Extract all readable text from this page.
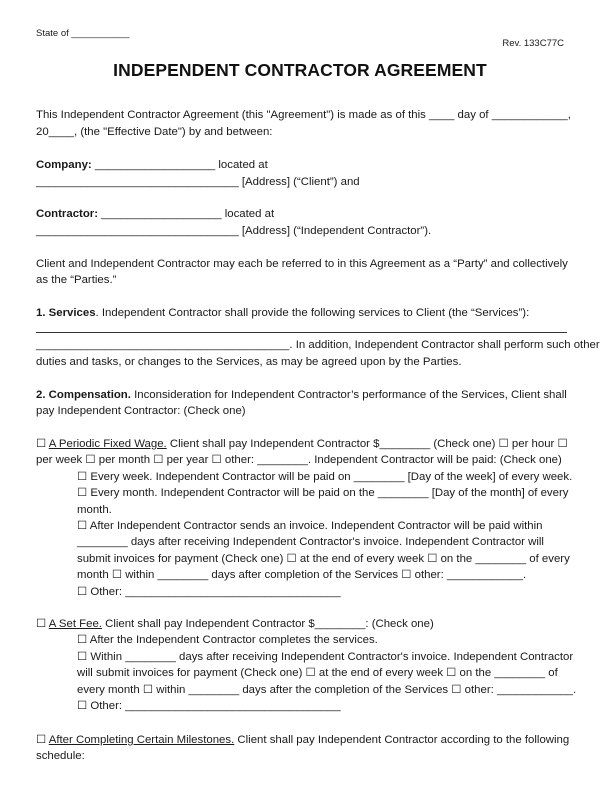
State of ___________
Rev. 133C77C
INDEPENDENT CONTRACTOR AGREEMENT
This Independent Contractor Agreement (this "Agreement") is made as of this ____ day of ____________,
20____, (the "Effective Date") by and between:
Company: ___________________ located at
________________________________ [Address] (“Client”) and
Contractor: ___________________ located at
________________________________ [Address] (“Independent Contractor”).
Client and Independent Contractor may each be referred to in this Agreement as a “Party” and collectively
as the “Parties.”
1. Services. Independent Contractor shall provide the following services to Client (the “Services”):
________________________________________. In addition, Independent Contractor shall perform such other
duties and tasks, or changes to the Services, as may be agreed upon by the Parties.
2. Compensation. Inconsideration for Independent Contractor’s performance of the Services, Client shall
pay Independent Contractor: (Check one)
☐ A Periodic Fixed Wage. Client shall pay Independent Contractor $________ (Check one) ☐ per hour ☐
per week ☐ per month ☐ per year ☐ other: ________. Independent Contractor will be paid: (Check one)
☐ Every week. Independent Contractor will be paid on ________ [Day of the week] of every week.
☐ Every month. Independent Contractor will be paid on the ________ [Day of the month] of every
month.
☐ After Independent Contractor sends an invoice. Independent Contractor will be paid within
________ days after receiving Independent Contractor's invoice. Independent Contractor will
submit invoices for payment (Check one) ☐ at the end of every week ☐ on the ________ of every
month ☐ within ________ days after completion of the Services ☐ other: ____________.
☐ Other: __________________________________
☐ A Set Fee. Client shall pay Independent Contractor $________: (Check one)
☐ After the Independent Contractor completes the services.
☐ Within ________ days after receiving Independent Contractor's invoice. Independent Contractor
will submit invoices for payment (Check one) ☐ at the end of every week ☐ on the ________ of
every month ☐ within ________ days after the completion of the Services ☐ other: ____________.
☐ Other: __________________________________
☐ After Completing Certain Milestones. Client shall pay Independent Contractor according to the following
schedule:
